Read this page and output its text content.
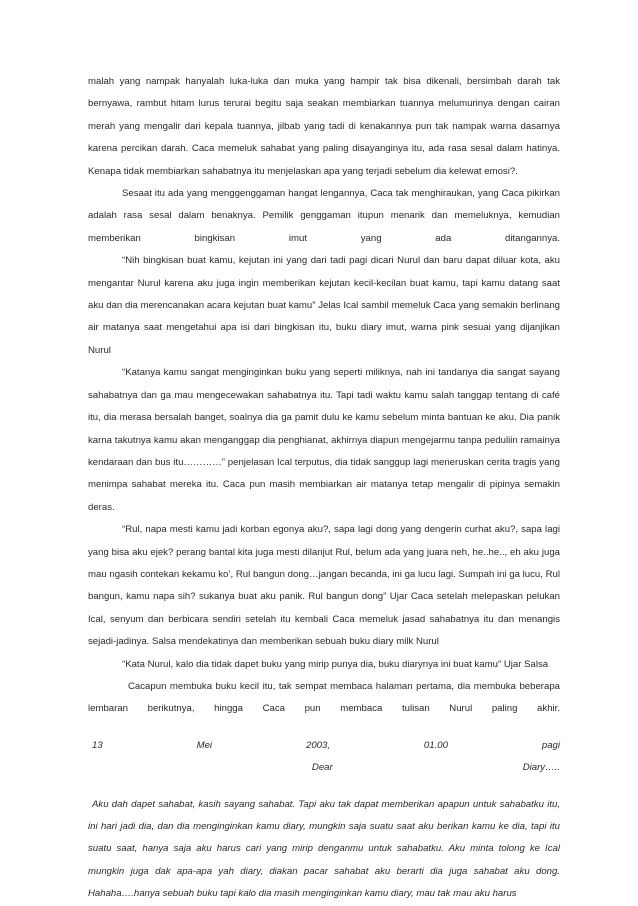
malah yang nampak hanyalah luka-luka dan muka yang hampir tak bisa dikenali, bersimbah darah tak bernyawa, rambut hitam lurus terurai begitu saja seakan membiarkan tuannya melumurinya dengan cairan merah yang mengalir dari kepala tuannya, jilbab yang tadi di kenakannya pun tak nampak warna dasarnya karena percikan darah. Caca memeluk sahabat yang paling disayanginya itu, ada rasa sesal dalam hatinya. Kenapa tidak membiarkan sahabatnya itu menjelaskan apa yang terjadi sebelum dia kelewat emosi?.

Sesaat itu ada yang menggenggaman hangat lengannya, Caca tak menghiraukan, yang Caca pikirkan adalah rasa sesal dalam benaknya. Pemilik genggaman itupun menarik dan memeluknya, kemudian memberikan bingkisan imut yang ada ditangannya.

“Nih bingkisan buat kamu, kejutan ini yang dari tadi pagi dicari Nurul dan baru dapat diluar kota, aku mengantar Nurul karena aku juga ingin memberikan kejutan kecil-kecilan buat kamu, tapi kamu datang saat aku dan dia merencanakan acara kejutan buat kamu” Jelas Ical sambil memeluk Caca yang semakin berlinang air matanya saat mengetahui apa isi dari bingkisan itu, buku diary imut, warna pink sesuai yang dijanjikan Nurul

“Katanya kamu sangat menginginkan buku yang seperti miliknya, nah ini tandanya dia sangat sayang sahabatnya dan ga mau mengecewakan sahabatnya itu. Tapi tadi waktu kamu salah tanggap tentang di café itu, dia merasa bersalah banget, soalnya dia ga pamit dulu ke kamu sebelum minta bantuan ke aku. Dia panik karna takutnya kamu akan menganggap dia penghianat, akhirnya diapun mengejarmu tanpa peduliin ramainya kendaraan dan bus itu…………” penjelasan Ical terputus, dia tidak sanggup lagi meneruskan cerita tragis yang menimpa sahabat mereka itu. Caca pun masih membiarkan air matanya tetap mengalir di pipinya semakin deras.

“Rul, napa mesti kamu jadi korban egonya aku?, sapa lagi dong yang dengerin curhat aku?, sapa lagi yang bisa aku ejek? perang bantal kita juga mesti dilanjut Rul, belum ada yang juara neh, he..he.., eh aku juga mau ngasih contekan kekamu ko’, Rul bangun dong…jangan becanda, ini ga lucu lagi. Sumpah ini ga lucu, Rul bangun, kamu napa sih? sukanya buat aku panik. Rul bangun dong” Ujar Caca setelah melepaskan pelukan Ical, senyum dan berbicara sendiri setelah itu kembali Caca memeluk jasad sahabatnya itu dan menangis sejadi-jadinya. Salsa mendekatinya dan memberikan sebuah buku diary milk Nurul

“Kata Nurul, kalo dia tidak dapet buku yang mirip punya dia, buku diarynya ini buat kamu” Ujar Salsa

Cacapun membuka buku kecil itu, tak sempat membaca halaman pertama, dia membuka beberapa lembaran berikutnya, hingga Caca pun membaca tulisan Nurul paling akhir.

13	Mei	2003,	01.00	pagi
Dear	Diary…..

Aku dah dapet sahabat, kasih sayang sahabat. Tapi aku tak dapat memberikan apapun untuk sahabatku itu, ini hari jadi dia, dan dia menginginkan kamu diary, mungkin saja suatu saat aku berikan kamu ke dia, tapi itu suatu saat, hanya saja aku harus cari yang mirip denganmu untuk sahabatku. Aku minta tolong ke Ical mungkin juga dak apa-apa yah diary, diakan pacar sahabat aku berarti dia juga sahabat aku dong. Hahaha….hanya sebuah buku tapi kalo dia masih menginginkan kamu diary, mau tak mau aku harus
